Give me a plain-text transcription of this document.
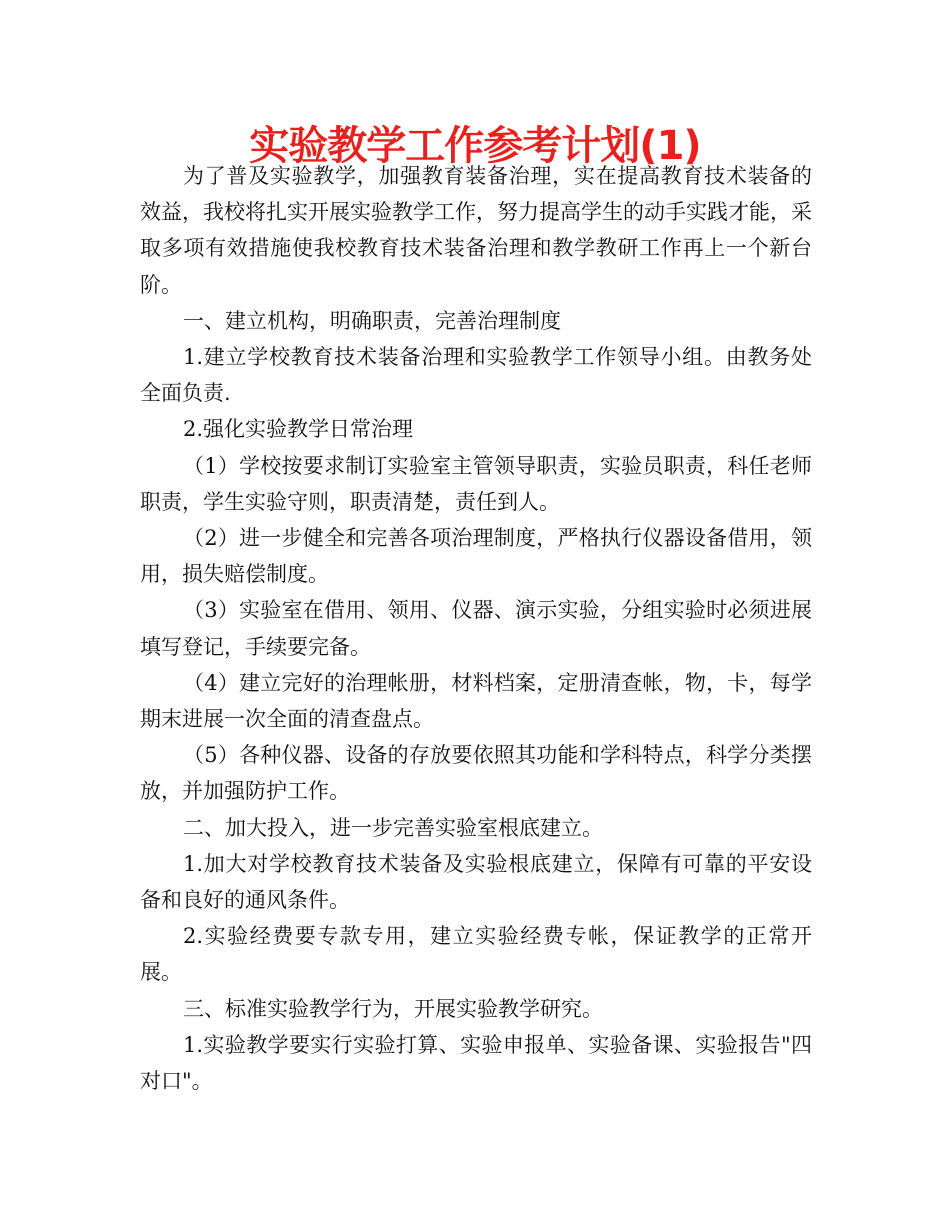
实验教学工作参考计划(1)

为了普及实验教学，加强教育装备治理，实在提高教育技术装备的效益，我校将扎实开展实验教学工作，努力提高学生的动手实践才能，采取多项有效措施使我校教育技术装备治理和教学教研工作再上一个新台阶。

一、建立机构，明确职责，完善治理制度

1.建立学校教育技术装备治理和实验教学工作领导小组。由教务处全面负责.

2.强化实验教学日常治理

（1）学校按要求制订实验室主管领导职责，实验员职责，科任老师职责，学生实验守则，职责清楚，责任到人。

（2）进一步健全和完善各项治理制度，严格执行仪器设备借用，领用，损失赔偿制度。

（3）实验室在借用、领用、仪器、演示实验，分组实验时必须进展填写登记，手续要完备。

（4）建立完好的治理帐册，材料档案，定册清查帐，物，卡，每学期末进展一次全面的清查盘点。

（5）各种仪器、设备的存放要依照其功能和学科特点，科学分类摆放，并加强防护工作。

二、加大投入，进一步完善实验室根底建立。

1.加大对学校教育技术装备及实验根底建立，保障有可靠的平安设备和良好的通风条件。

2.实验经费要专款专用，建立实验经费专帐，保证教学的正常开展。

三、标准实验教学行为，开展实验教学研究。

1.实验教学要实行实验打算、实验申报单、实验备课、实验报告"四对口"。
